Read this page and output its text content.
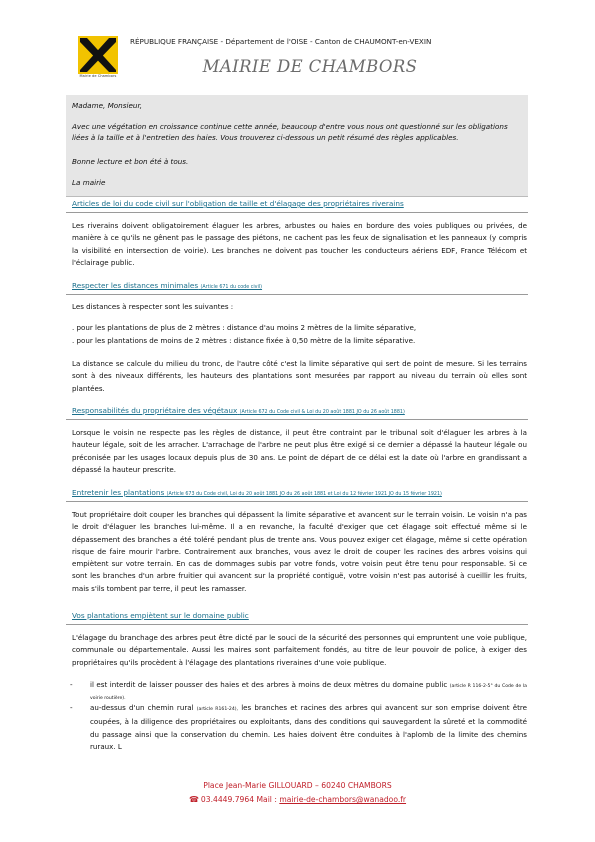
Mairie de Chambors
RÉPUBLIQUE FRANÇAISE - Département de l'OISE - Canton de CHAUMONT-en-VEXIN
MAIRIE DE CHAMBORS

Madame, Monsieur,

Avec une végétation en croissance continue cette année, beaucoup d'entre vous nous ont questionné sur les obligations liées à la taille et à l'entretien des haies. Vous trouverez ci-dessous un petit résumé des règles applicables.

Bonne lecture et bon été à tous.

La mairie

Articles de loi du code civil sur l'obligation de taille et d'élagage des propriétaires riverains
Les riverains doivent obligatoirement élaguer les arbres, arbustes ou haies en bordure des voies publiques ou privées, de manière à ce qu'ils ne gênent pas le passage des piétons, ne cachent pas les feux de signalisation et les panneaux (y compris la visibilité en intersection de voirie). Les branches ne doivent pas toucher les conducteurs aériens EDF, France Télécom et l'éclairage public.
Respecter les distances minimales (Article 671 du code civil)
Les distances à respecter sont les suivantes :
. pour les plantations de plus de 2 mètres : distance d'au moins 2 mètres de la limite séparative,
. pour les plantations de moins de 2 mètres : distance fixée à 0,50 mètre de la limite séparative.
La distance se calcule du milieu du tronc, de l'autre côté c'est la limite séparative qui sert de point de mesure. Si les terrains sont à des niveaux différents, les hauteurs des plantations sont mesurées par rapport au niveau du terrain où elles sont plantées.
Responsabilités du propriétaire des végétaux (Article 672 du Code civil & Loi du 20 août 1881 JO du 26 août 1881)
Lorsque le voisin ne respecte pas les règles de distance, il peut être contraint par le tribunal soit d'élaguer les arbres à la hauteur légale, soit de les arracher. L'arrachage de l'arbre ne peut plus être exigé si ce dernier a dépassé la hauteur légale ou préconisée par les usages locaux depuis plus de 30 ans. Le point de départ de ce délai est la date où l'arbre en grandissant a dépassé la hauteur prescrite.
Entretenir les plantations (Article 673 du Code civil, Loi du 20 août 1881 JO du 26 août 1881 et Loi du 12 février 1921 JO du 15 février 1921)
Tout propriétaire doit couper les branches qui dépassent la limite séparative et avancent sur le terrain voisin. Le voisin n'a pas le droit d'élaguer les branches lui-même. Il a en revanche, la faculté d'exiger que cet élagage soit effectué même si le dépassement des branches a été toléré pendant plus de trente ans. Vous pouvez exiger cet élagage, même si cette opération risque de faire mourir l'arbre. Contrairement aux branches, vous avez le droit de couper les racines des arbres voisins qui empiètent sur votre terrain. En cas de dommages subis par votre fonds, votre voisin peut être tenu pour responsable. Si ce sont les branches d'un arbre fruitier qui avancent sur la propriété contiguë, votre voisin n'est pas autorisé à cueillir les fruits, mais s'ils tombent par terre, il peut les ramasser.
Vos plantations empiètent sur le domaine public
L'élagage du branchage des arbres peut être dicté par le souci de la sécurité des personnes qui empruntent une voie publique, communale ou départementale. Aussi les maires sont parfaitement fondés, au titre de leur pouvoir de police, à exiger des propriétaires qu'ils procèdent à l'élagage des plantations riveraines d'une voie publique.
- il est interdit de laisser pousser des haies et des arbres à moins de deux mètres du domaine public (article R 116-2-5° du Code de la voirie routière).
- au-dessus d'un chemin rural (article R161-24), les branches et racines des arbres qui avancent sur son emprise doivent être coupées, à la diligence des propriétaires ou exploitants, dans des conditions qui sauvegardent la sûreté et la commodité du passage ainsi que la conservation du chemin. Les haies doivent être conduites à l'aplomb de la limite des chemins ruraux. L
Place Jean-Marie GILLOUARD – 60240 CHAMBORS
☎ 03.4449.7964 Mail : mairie-de-chambors@wanadoo.fr
